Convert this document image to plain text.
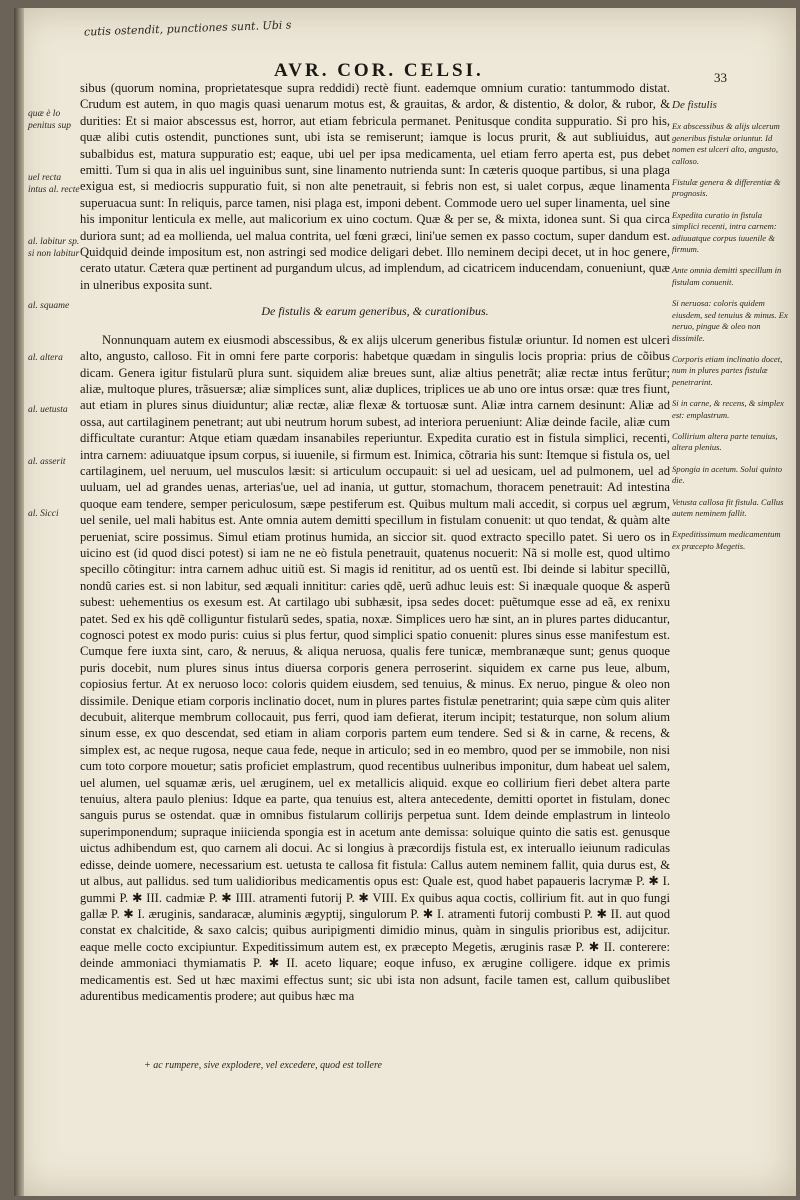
cutis ostendit, punctiones sunt. Ubi s
AVR. COR. CELSI.	33
quæ è lo penitus sup
uel recta intus al. recte
al. labitur sp. si non labitur
al. squame
al. altera
al. uetusta
al. asserit
al. Sicci

sibus (quorum nomina, proprietatesque supra reddidi) rectè fiunt. eademque omnium curatio: tantummodo distat. Crudum est autem, in quo magis quasi uenarum motus est, & grauitas, & ardor, & distentio, & dolor, & rubor, & durities: Et si maior abscessus est, horror, aut etiam febricula permanet. Penitusque condita suppuratio. Si pro his, quæ alibi cutis ostendit, punctiones sunt, ubi ista se remiserunt; iamque is locus prurit, & aut subliuidus, aut subalbidus est, matura suppuratio est; eaque, ubi uel per ipsa medicamenta, uel etiam ferro aperta est, pus debet emitti. Tum si qua in alis uel inguinibus sunt, sine linamento nutrienda sunt: In cæteris quoque partibus, si una plaga exigua est, si mediocris suppuratio fuit, si non alte penetrauit, si febris non est, si ualet corpus, æque linamenta superuacua sunt: In reliquis, parce tamen, nisi plaga est, imponi debent. Commode uero uel super linamenta, uel sine his imponitur lenticula ex melle, aut malicorium ex uino coctum. Quæ & per se, & mixta, idonea sunt. Si qua circa duriora sunt; ad ea mollienda, uel malua contrita, uel fœni græci, lini'ue semen ex passo coctum, super dandum est. Quidquid deinde impositum est, non astringi sed modice deligari debet. Illo neminem decipi decet, ut in hoc genere, cerato utatur. Cætera quæ pertinent ad purgandum ulcus, ad implendum, ad cicatricem inducendam, conueniunt, quæ in ulneribus exposita sunt.

De fistulis & earum generibus, & curationibus.

Nonnunquam autem ex eiusmodi abscessibus, & ex alijs ulcerum generibus fistulæ oriuntur. Id nomen est ulceri alto, angusto, calloso. Fit in omni fere parte corporis: habetque quædam in singulis locis propria: prius de cõibus dicam. Genera igitur fistularũ plura sunt. siquidem aliæ breues sunt, aliæ altius penetrãt; aliæ rectæ intus ferũtur; aliæ, multoque plures, trãsuersæ; aliæ simplices sunt, aliæ duplices, triplices ue ab uno ore intus orsæ: quæ tres fiunt, aut etiam in plures sinus diuiduntur; aliæ rectæ, aliæ flexæ & tortuosæ sunt. Aliæ intra carnem desinunt: Aliæ ad ossa, aut cartilaginem penetrant; aut ubi neutrum horum subest, ad interiora perueniunt: Aliæ deinde facile, aliæ cum difficultate curantur: Atque etiam quædam insanabiles reperiuntur. Expedita curatio est in fistula simplici, recenti, intra carnem: adiuuatque ipsum corpus, si iuuenile, si firmum est. Inimica, cõtraria his sunt: Itemque si fistula os, uel cartilaginem, uel neruum, uel musculos læsit: si articulum occupauit: si uel ad uesicam, uel ad pulmonem, uel ad uuluam, uel ad grandes uenas, arterias'ue, uel ad inania, ut guttur, stomachum, thoracem penetrauit: Ad intestina quoque eam tendere, semper periculosum, sæpe pestiferum est. Quibus multum mali accedit, si corpus uel ægrum, uel senile, uel mali habitus est. Ante omnia autem demitti specillum in fistulam conuenit: ut quo tendat, & quàm alte perueniat, scire possimus. Simul etiam protinus humida, an siccior sit. quod extracto specillo patet. Si uero os in uicino est (id quod disci potest) si iam ne ne eò fistula penetrauit, quatenus nocuerit: Nã si molle est, quod ultimo specillo cõtingitur: intra carnem adhuc uitiũ est. Si magis id renititur, ad os uentũ est. Ibi deinde si labitur specillũ, nondũ caries est. si non labitur, sed æquali innititur: caries qdẽ, uerũ adhuc leuis est: Si inæquale quoque & asperũ subest: uehementius os exesum est. At cartilago ubi subhæsit, ipsa sedes docet: puẽtumque esse ad eã, ex renixu patet. Sed ex his qdẽ colliguntur fistularũ sedes, spatia, noxæ. Simplices uero hæ sint, an in plures partes diducantur, cognosci potest ex modo puris: cuius si plus fertur, quod simplici spatio conuenit: plures sinus esse manifestum est. Cumque fere iuxta sint, caro, & neruus, & aliqua neruosa, qualis fere tunicæ, membranæque sunt; genus quoque puris docebit, num plures sinus intus diuersa corporis genera perroserint. siquidem ex carne pus leue, album, copiosius fertur. At ex neruoso loco: coloris quidem eiusdem, sed tenuius, & minus. Ex neruo, pingue & oleo non dissimile. Denique etiam corporis inclinatio docet, num in plures partes fistulæ penetrarint; quia sæpe cùm quis aliter decubuit, aliterque membrum collocauit, pus ferri, quod iam defierat, iterum incipit; testaturque, non solum alium sinum esse, ex quo descendat, sed etiam in aliam corporis partem eum tendere. Sed si & in carne, & recens, & simplex est, ac neque rugosa, neque caua fede, neque in articulo; sed in eo membro, quod per se immobile, non nisi cum toto corpore mouetur; satis proficiet emplastrum, quod recentibus uulneribus imponitur, dum habeat uel salem, uel alumen, uel squamæ æris, uel æruginem, uel ex metallicis aliquid. exque eo collirium fieri debet altera parte tenuius, altera paulo plenius: Idque ea parte, qua tenuius est, altera antecedente, demitti oportet in fistulam, donec sanguis purus se ostendat. quæ in omnibus fistularum collirijs perpetua sunt. Idem deinde emplastrum in linteolo superimponendum; supraque iniicienda spongia est in acetum ante demissa: soluique quinto die satis est. genusque uictus adhibendum est, quo carnem ali docui. Ac si longius à præcordijs fistula est, ex interuallo ieiunum radiculas edisse, deinde uomere, necessarium est. uetusta te callosa fit fistula: Callus autem neminem fallit, quia durus est, & ut albus, aut pallidus. sed tum ualidioribus medicamentis opus est: Quale est, quod habet papaueris lacrymæ P. ✱ I. gummi P. ✱ III. cadmiæ P. ✱ IIII. atramenti futorij P. ✱ VIII. Ex quibus aqua coctis, collirium fit. aut in quo fungi gallæ P. ✱ I. æruginis, sandaracæ, aluminis ægyptij, singulorum P. ✱ I. atramenti futorij combusti P. ✱ II. aut quod constat ex chalcitide, & saxo calcis; quibus auripigmenti dimidio minus, quàm in singulis prioribus est, adijcitur. eaque melle cocto excipiuntur. Expeditissimum autem est, ex præcepto Megetis, æruginis rasæ P. ✱ II. conterere: deinde ammoniaci thymiamatis P. ✱ II. aceto liquare; eoque infuso, ex ærugine colligere. idque ex primis medicamentis est. Sed ut hæc maximi effectus sunt; sic ubi ista non adsunt, facile tamen est, callum quibuslibet adurentibus medicamentis prodere; aut quibus hæc ma

De fistulis
Ex abscessibus & alijs ulcerum generibus fistulæ oriuntur. Id nomen est ulceri alto, angusto, calloso.
Fistulæ genera & differentiæ & prognosis.
Expedita curatio in fistula simplici recenti, intra carnem: adiuuatque corpus iuuenile & firmum.
Ante omnia demitti specillum in fistulam conuenit.
Si neruosa: coloris quidem eiusdem, sed tenuius & minus. Ex neruo, pingue & oleo non dissimile.
Corporis etiam inclinatio docet, num in plures partes fistulæ penetrarint.
Si in carne, & recens, & simplex est: emplastrum.
Collirium altera parte tenuius, altera plenius.
Spongia in acetum. Solui quinto die.
Vetusta callosa fit fistula. Callus autem neminem fallit.
Expeditissimum medicamentum ex præcepto Megetis.
+ ac rumpere, sive explodere, vel excedere, quod est tollere
